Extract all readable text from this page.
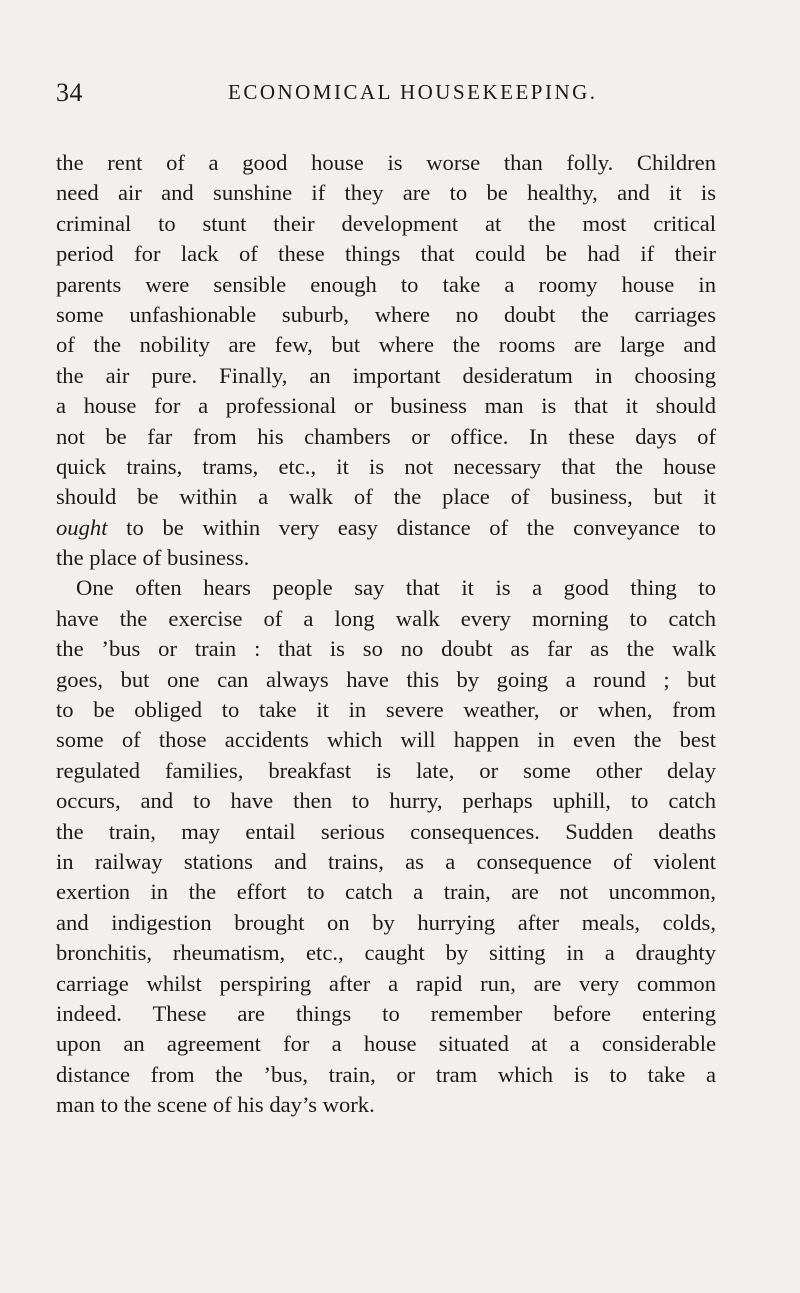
34	ECONOMICAL HOUSEKEEPING.
the rent of a good house is worse than folly. Children
need air and sunshine if they are to be healthy, and it is
criminal to stunt their development at the most critical
period for lack of these things that could be had if their
parents were sensible enough to take a roomy house in
some unfashionable suburb, where no doubt the carriages
of the nobility are few, but where the rooms are large and
the air pure. Finally, an important desideratum in choosing
a house for a professional or business man is that it should
not be far from his chambers or office. In these days of
quick trains, trams, etc., it is not necessary that the house
should be within a walk of the place of business, but it
ought to be within very easy distance of the conveyance to
the place of business.
One often hears people say that it is a good thing to
have the exercise of a long walk every morning to catch
the ’bus or train : that is so no doubt as far as the walk
goes, but one can always have this by going a round ; but
to be obliged to take it in severe weather, or when, from
some of those accidents which will happen in even the best
regulated families, breakfast is late, or some other delay
occurs, and to have then to hurry, perhaps uphill, to catch
the train, may entail serious consequences. Sudden deaths
in railway stations and trains, as a consequence of violent
exertion in the effort to catch a train, are not uncommon,
and indigestion brought on by hurrying after meals, colds,
bronchitis, rheumatism, etc., caught by sitting in a draughty
carriage whilst perspiring after a rapid run, are very common
indeed. These are things to remember before entering
upon an agreement for a house situated at a considerable
distance from the ’bus, train, or tram which is to take a
man to the scene of his day’s work.
